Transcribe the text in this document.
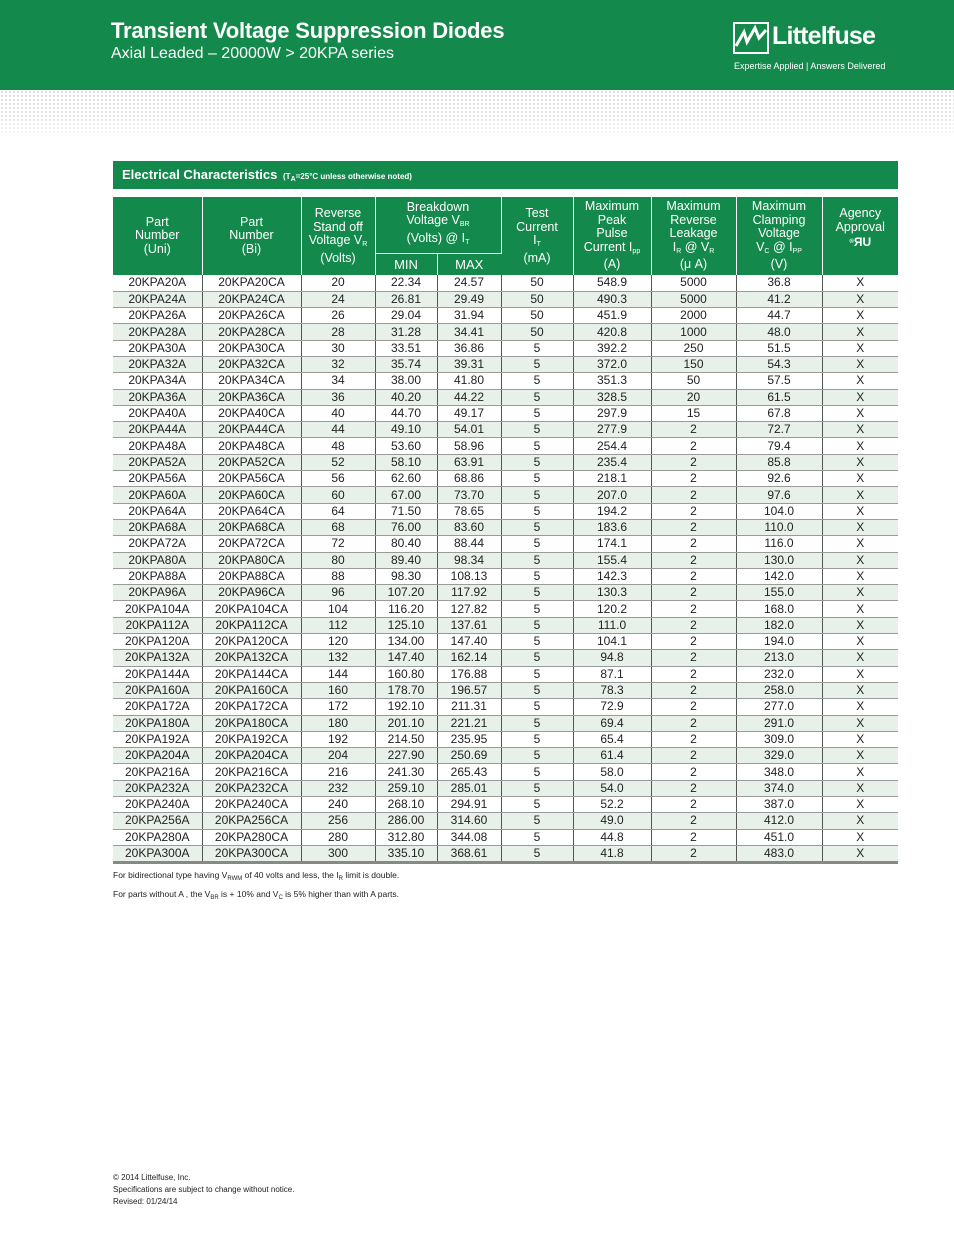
Transient Voltage Suppression Diodes
Axial Leaded – 20000W > 20KPA series
Littelfuse
Expertise Applied | Answers Delivered
Electrical Characteristics ($T_A=25^\circ C$ unless otherwise noted)
Part
Number
(Uni)	Part
Number
(Bi)	Reverse
Stand off
Voltage $V_R$
(Volts)	Breakdown
Voltage $V_{BR}$
(Volts) @ $I_T$		Test
Current
$I_T$
(mA)	Maximum
Peak
Pulse
Current $I_{pp}$
(A)	Maximum
Reverse
Leakage
$I_R$ @ $V_R$
(μ A)	Maximum
Clamping
Voltage
$V_C$ @ $I_{PP}$
(V)	Agency
Approval
®ЯU
			MIN	MAX					
20KPA20A	20KPA20CA	20	22.34	24.57	50	548.9	5000	36.8	X
20KPA24A	20KPA24CA	24	26.81	29.49	50	490.3	5000	41.2	X
20KPA26A	20KPA26CA	26	29.04	31.94	50	451.9	2000	44.7	X
20KPA28A	20KPA28CA	28	31.28	34.41	50	420.8	1000	48.0	X
20KPA30A	20KPA30CA	30	33.51	36.86	5	392.2	250	51.5	X
20KPA32A	20KPA32CA	32	35.74	39.31	5	372.0	150	54.3	X
20KPA34A	20KPA34CA	34	38.00	41.80	5	351.3	50	57.5	X
20KPA36A	20KPA36CA	36	40.20	44.22	5	328.5	20	61.5	X
20KPA40A	20KPA40CA	40	44.70	49.17	5	297.9	15	67.8	X
20KPA44A	20KPA44CA	44	49.10	54.01	5	277.9	2	72.7	X
20KPA48A	20KPA48CA	48	53.60	58.96	5	254.4	2	79.4	X
20KPA52A	20KPA52CA	52	58.10	63.91	5	235.4	2	85.8	X
20KPA56A	20KPA56CA	56	62.60	68.86	5	218.1	2	92.6	X
20KPA60A	20KPA60CA	60	67.00	73.70	5	207.0	2	97.6	X
20KPA64A	20KPA64CA	64	71.50	78.65	5	194.2	2	104.0	X
20KPA68A	20KPA68CA	68	76.00	83.60	5	183.6	2	110.0	X
20KPA72A	20KPA72CA	72	80.40	88.44	5	174.1	2	116.0	X
20KPA80A	20KPA80CA	80	89.40	98.34	5	155.4	2	130.0	X
20KPA88A	20KPA88CA	88	98.30	108.13	5	142.3	2	142.0	X
20KPA96A	20KPA96CA	96	107.20	117.92	5	130.3	2	155.0	X
20KPA104A	20KPA104CA	104	116.20	127.82	5	120.2	2	168.0	X
20KPA112A	20KPA112CA	112	125.10	137.61	5	111.0	2	182.0	X
20KPA120A	20KPA120CA	120	134.00	147.40	5	104.1	2	194.0	X
20KPA132A	20KPA132CA	132	147.40	162.14	5	94.8	2	213.0	X
20KPA144A	20KPA144CA	144	160.80	176.88	5	87.1	2	232.0	X
20KPA160A	20KPA160CA	160	178.70	196.57	5	78.3	2	258.0	X
20KPA172A	20KPA172CA	172	192.10	211.31	5	72.9	2	277.0	X
20KPA180A	20KPA180CA	180	201.10	221.21	5	69.4	2	291.0	X
20KPA192A	20KPA192CA	192	214.50	235.95	5	65.4	2	309.0	X
20KPA204A	20KPA204CA	204	227.90	250.69	5	61.4	2	329.0	X
20KPA216A	20KPA216CA	216	241.30	265.43	5	58.0	2	348.0	X
20KPA232A	20KPA232CA	232	259.10	285.01	5	54.0	2	374.0	X
20KPA240A	20KPA240CA	240	268.10	294.91	5	52.2	2	387.0	X
20KPA256A	20KPA256CA	256	286.00	314.60	5	49.0	2	412.0	X
20KPA280A	20KPA280CA	280	312.80	344.08	5	44.8	2	451.0	X
20KPA300A	20KPA300CA	300	335.10	368.61	5	41.8	2	483.0	X

For bidirectional type having $V_{RWM}$ of 40 volts and less, the $I_R$ limit is double.

For parts without A , the $V_{BR}$ is + 10% and $V_C$ is 5% higher than with A parts.

© 2014 Littelfuse, Inc.
Specifications are subject to change without notice.
Revised: 01/24/14
